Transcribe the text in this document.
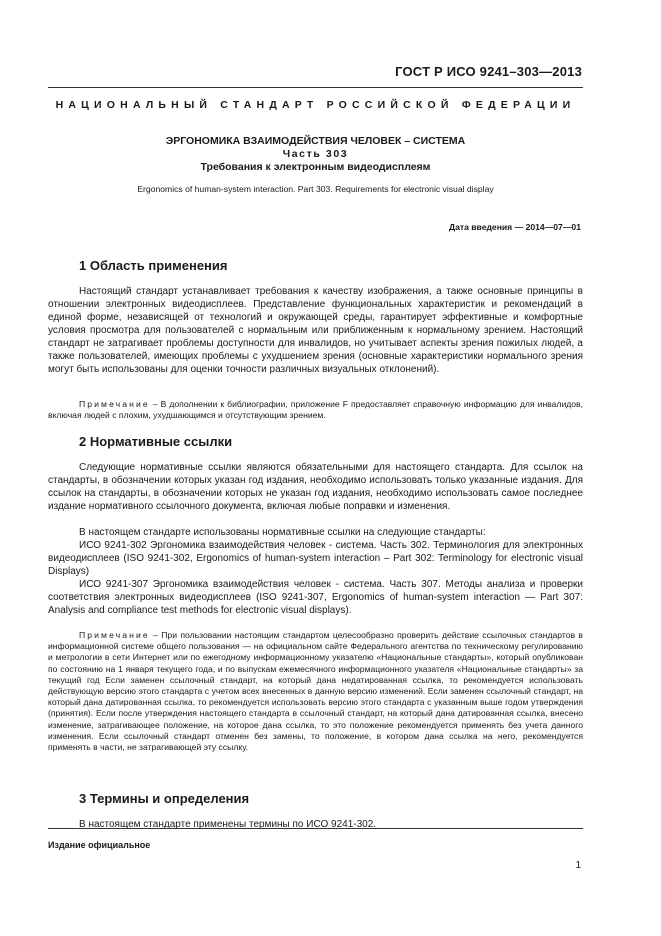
ГОСТ Р ИСО 9241–303—2013
НАЦИОНАЛЬНЫЙ СТАНДАРТ РОССИЙСКОЙ ФЕДЕРАЦИИ
ЭРГОНОМИКА ВЗАИМОДЕЙСТВИЯ ЧЕЛОВЕК – СИСТЕМА
Часть 303
Требования к электронным видеодисплеям
Ergonomics of human-system interaction. Part 303. Requirements for electronic visual display
Дата введения — 2014—07—01
1 Область применения

Настоящий стандарт устанавливает требования к качеству изображения, а также основные принципы в отношении электронных видеодисплеев. Представление функциональных характеристик и рекомендаций в единой форме, независящей от технологий и окружающей среды, гарантирует эффективные и комфортные условия просмотра для пользователей с нормальным или приближенным к нормальному зрением. Настоящий стандарт не затрагивает проблемы доступности для инвалидов, но учитывает аспекты зрения пожилых людей, а также пользователей, имеющих проблемы с ухудшением зрения (основные характеристики нормального зрения могут быть использованы для оценки точности различных визуальных отклонений).

Примечание – В дополнении к библиографии, приложение F предоставляет справочную информацию для инвалидов, включая людей с плохим, ухудшающимся и отсутствующим зрением.

2 Нормативные ссылки

Следующие нормативные ссылки являются обязательными для настоящего стандарта. Для ссылок на стандарты, в обозначении которых указан год издания, необходимо использовать только указанные издания. Для ссылок на стандарты, в обозначении которых не указан год издания, необходимо использовать самое последнее издание нормативного ссылочного документа, включая любые поправки и изменения.

В настоящем стандарте использованы нормативные ссылки на следующие стандарты:

ИСО 9241-302 Эргономика взаимодействия человек - система. Часть 302. Терминология для электронных видеодисплеев (ISO 9241-302, Ergonomics of human-system interaction – Part 302: Terminology for electronic visual Displays)

ИСО 9241-307 Эргономика взаимодействия человек - система. Часть 307. Методы анализа и проверки соответствия электронных видеодисплеев (ISO 9241-307, Ergonomics of human-system interaction — Part 307: Analysis and compliance test methods for electronic visual displays).

Примечание – При пользовании настоящим стандартом целесообразно проверить действие ссылочных стандартов в информационной системе общего пользования — на официальном сайте Федерального агентства по техническому регулированию и метрологии в сети Интернет или по ежегодному информационному указателю «Национальные стандарты», который опубликован по состоянию на 1 января текущего года, и по выпускам ежемесячного информационного указателя «Национальные стандарты» за текущий год Если заменен ссылочный стандарт, на который дана недатированная ссылка, то рекомендуется использовать действующую версию этого стандарта с учетом всех внесенных в данную версию изменений. Если заменен ссылочный стандарт, на который дана датированная ссылка, то рекомендуется использовать версию этого стандарта с указанным выше годом утверждения (принятия). Если после утверждения настоящего стандарта в ссылочный стандарт, на который дана датированная ссылка, внесено изменение, затрагивающее положение, на которое дана ссылка, то это положение рекомендуется применять без учета данного изменения. Если ссылочный стандарт отменен без замены, то положение, в котором дана ссылка на него, рекомендуется применять в части, не затрагивающей эту ссылку.

3 Термины и определения

В настоящем стандарте применены термины по ИСО 9241-302.

Издание официальное
1
